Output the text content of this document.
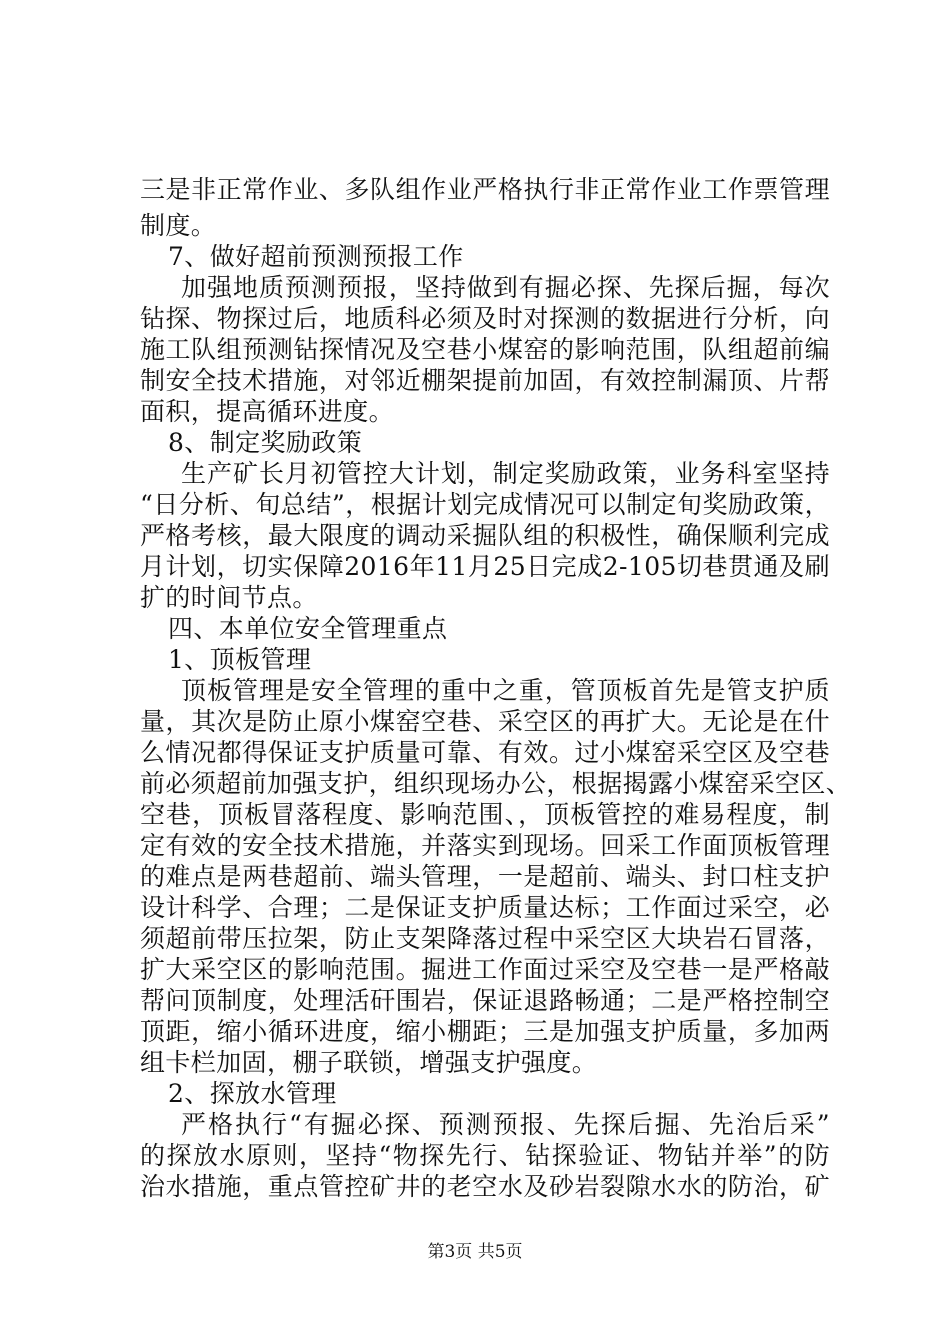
三是非正常作业、多队组作业严格执行非正常作业工作票管理
制度。
7、做好超前预测预报工作
加强地质预测预报，坚持做到有掘必探、先探后掘，每次
钻探、物探过后，地质科必须及时对探测的数据进行分析，向
施工队组预测钻探情况及空巷小煤窑的影响范围，队组超前编
制安全技术措施，对邻近棚架提前加固，有效控制漏顶、片帮
面积，提高循环进度。
8、制定奖励政策
生产矿长月初管控大计划，制定奖励政策，业务科室坚持
“日分析、旬总结”，根据计划完成情况可以制定旬奖励政策，
严格考核，最大限度的调动采掘队组的积极性，确保顺利完成
月计划，切实保障2016年11月25日完成2-105切巷贯通及刷
扩的时间节点。
四、本单位安全管理重点
1、顶板管理
顶板管理是安全管理的重中之重，管顶板首先是管支护质
量，其次是防止原小煤窑空巷、采空区的再扩大。无论是在什
么情况都得保证支护质量可靠、有效。过小煤窑采空区及空巷
前必须超前加强支护，组织现场办公，根据揭露小煤窑采空区、
空巷，顶板冒落程度、影响范围、，顶板管控的难易程度，制
定有效的安全技术措施，并落实到现场。回采工作面顶板管理
的难点是两巷超前、端头管理，一是超前、端头、封口柱支护
设计科学、合理；二是保证支护质量达标；工作面过采空，必
须超前带压拉架，防止支架降落过程中采空区大块岩石冒落，
扩大采空区的影响范围。掘进工作面过采空及空巷一是严格敲
帮问顶制度，处理活矸围岩，保证退路畅通；二是严格控制空
顶距，缩小循环进度，缩小棚距；三是加强支护质量，多加两
组卡栏加固，棚子联锁，增强支护强度。
2、探放水管理
严格执行“有掘必探、预测预报、先探后掘、先治后采”
的探放水原则，坚持“物探先行、钻探验证、物钻并举”的防
治水措施，重点管控矿井的老空水及砂岩裂隙水水的防治，矿
第3页 共5页
